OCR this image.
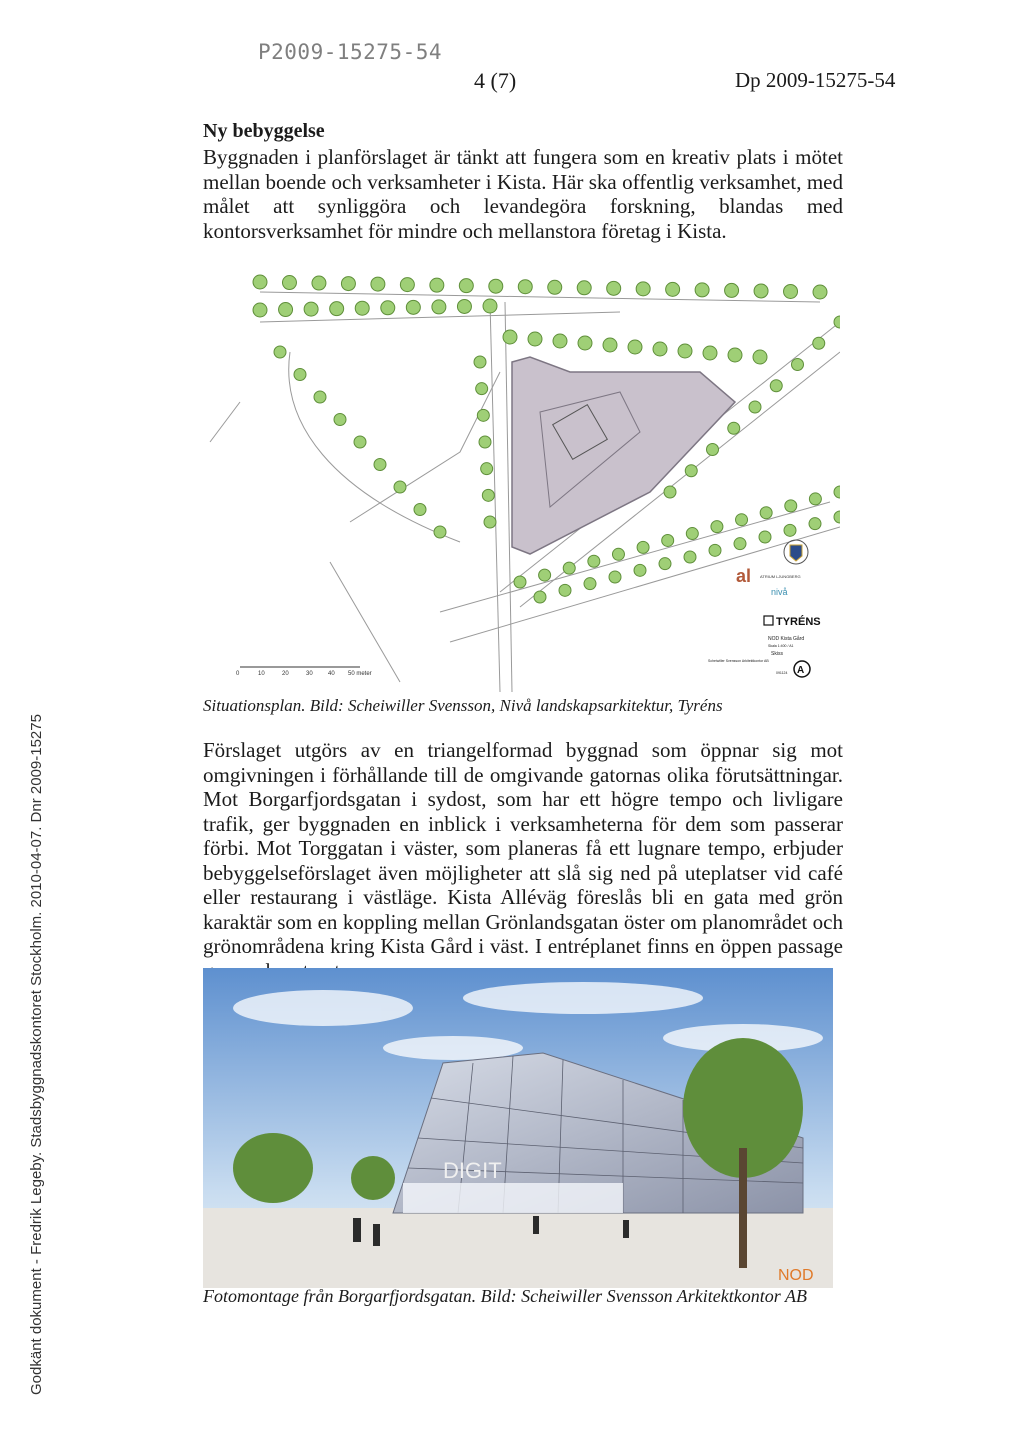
P2009-15275-54
4 (7)	Dp 2009-15275-54
Ny bebyggelse
Byggnaden i planförslaget är tänkt att fungera som en kreativ plats i mötet mellan boende och verksamheter i Kista. Här ska offentlig verksamhet, med målet att synliggöra och levandegöra forskning, blandas med kontorsverksamhet för mindre och mellanstora företag i Kista.
0	10	20	30	40 50 meter
al ATRIUM LJUNGBERG
nivå
TYRÉNS
NOD Kista Gård
Skala 1:400 / A1
Skiss
Scheiwiller Svensson Arkitektkontor AB
091124 A
Situationsplan. Bild: Scheiwiller Svensson, Nivå landskapsarkitektur, Tyréns
Förslaget utgörs av en triangelformad byggnad som öppnar sig mot omgivningen i förhållande till de omgivande gatornas olika förutsättningar. Mot Borgarfjordsgatan i sydost, som har ett högre tempo och livligare trafik, ger byggnaden en inblick i verksamheterna för dem som passerar förbi. Mot Torggatan i väster, som planeras få ett lugnare tempo, erbjuder bebyggelseförslaget även möjligheter att slå sig ned på uteplatser vid café eller restaurang i västläge. Kista Alléväg föreslås bli en gata med grön karaktär som en koppling mellan Grönlandsgatan öster om planområdet och grönområdena kring Kista Gård i väst. I entréplanet finns en öppen passage
DIGIT
NOD
Fotomontage från Borgarfjordsgatan. Bild: Scheiwiller Svensson Arkitektkontor AB
Godkänt dokument - Fredrik Legeby. Stadsbyggnadskontoret Stockholm. 2010-04-07. Dnr 2009-15275
